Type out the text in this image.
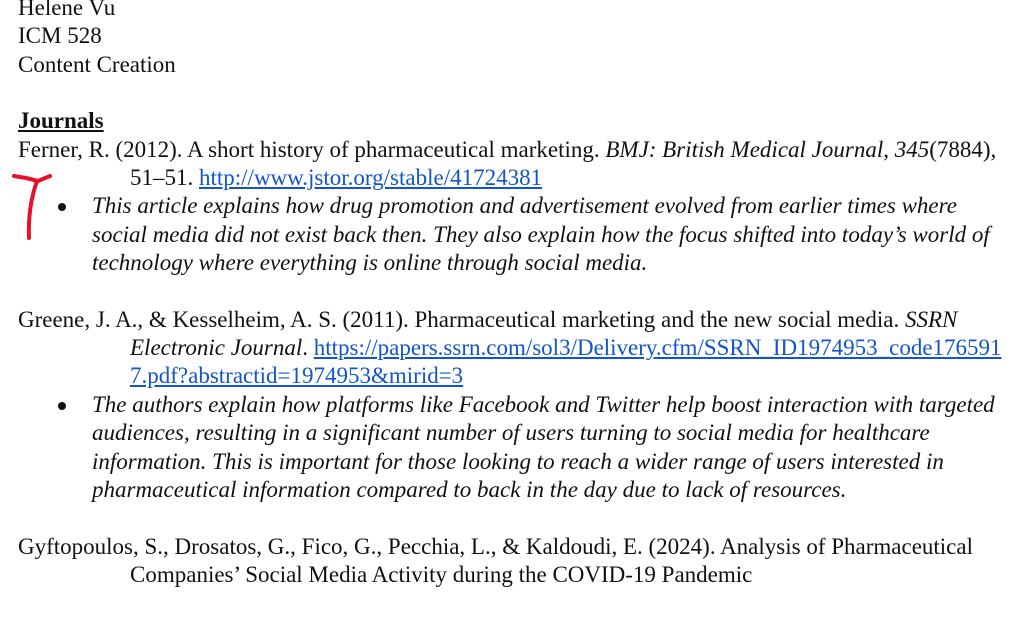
Helene Vu
ICM 528
Content Creation
Journals
Ferner, R. (2012). A short history of pharmaceutical marketing. BMJ: British Medical Journal, 345(7884), 51–51. http://www.jstor.org/stable/41724381
This article explains how drug promotion and advertisement evolved from earlier times where social media did not exist back then. They also explain how the focus shifted into today’s world of technology where everything is online through social media.
Greene, J. A., & Kesselheim, A. S. (2011). Pharmaceutical marketing and the new social media. SSRN Electronic Journal. https://papers.ssrn.com/sol3/Delivery.cfm/SSRN_ID1974953_code1765917.pdf?abstractid=1974953&mirid=3
The authors explain how platforms like Facebook and Twitter help boost interaction with targeted audiences, resulting in a significant number of users turning to social media for healthcare information. This is important for those looking to reach a wider range of users interested in pharmaceutical information compared to back in the day due to lack of resources.
Gyftopoulos, S., Drosatos, G., Fico, G., Pecchia, L., & Kaldoudi, E. (2024). Analysis of Pharmaceutical Companies’ Social Media Activity during the COVID-19 Pandemic
